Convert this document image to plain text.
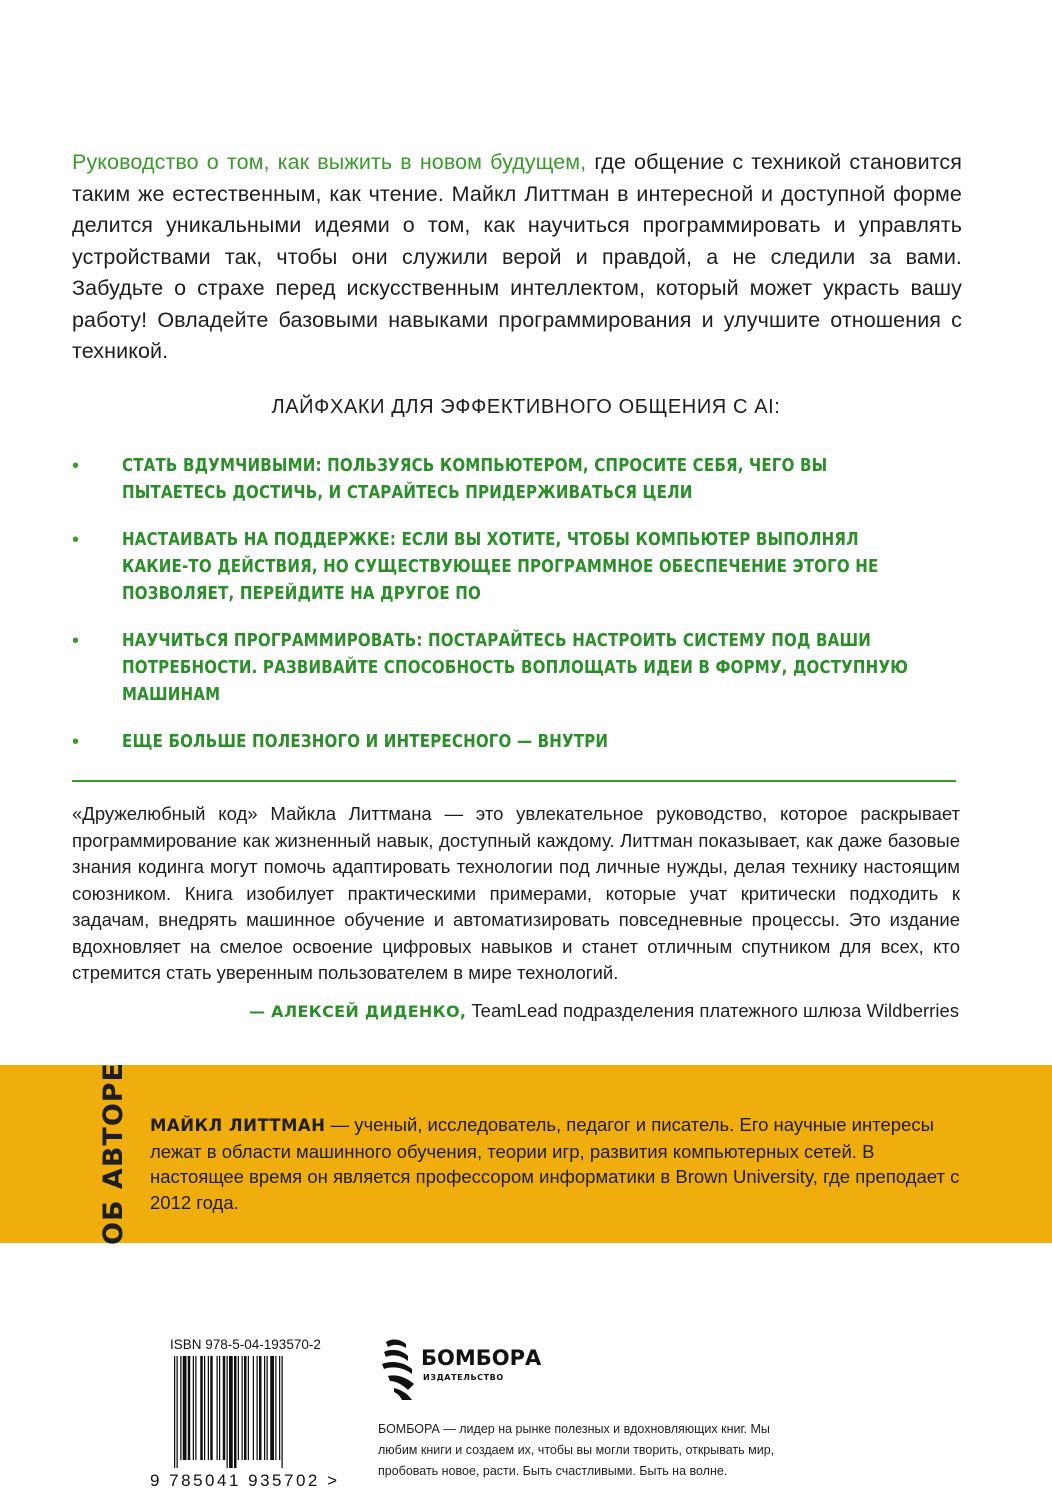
Руководство о том, как выжить в новом будущем, где общение с техникой становится таким же естественным, как чтение. Майкл Литтман в интересной и доступной форме делится уникальными идеями о том, как научиться программировать и управлять устройствами так, чтобы они служили верой и правдой, а не следили за вами. Забудьте о страхе перед искусственным интеллектом, который может украсть вашу работу! Овладейте базовыми навыками программирования и улучшите отношения с техникой.

ЛАЙФХАКИ ДЛЯ ЭФФЕКТИВНОГО ОБЩЕНИЯ С AI:
• СТАТЬ ВДУМЧИВЫМИ: ПОЛЬЗУЯСЬ КОМПЬЮТЕРОМ, СПРОСИТЕ СЕБЯ, ЧЕГО ВЫ ПЫТАЕТЕСЬ ДОСТИЧЬ, И СТАРАЙТЕСЬ ПРИДЕРЖИВАТЬСЯ ЦЕЛИ
• НАСТАИВАТЬ НА ПОДДЕРЖКЕ: ЕСЛИ ВЫ ХОТИТЕ, ЧТОБЫ КОМПЬЮТЕР ВЫПОЛНЯЛ КАКИЕ-ТО ДЕЙСТВИЯ, НО СУЩЕСТВУЮЩЕЕ ПРОГРАММНОЕ ОБЕСПЕЧЕНИЕ ЭТОГО НЕ ПОЗВОЛЯЕТ, ПЕРЕЙДИТЕ НА ДРУГОЕ ПО
• НАУЧИТЬСЯ ПРОГРАММИРОВАТЬ: ПОСТАРАЙТЕСЬ НАСТРОИТЬ СИСТЕМУ ПОД ВАШИ ПОТРЕБНОСТИ. РАЗВИВАЙТЕ СПОСОБНОСТЬ ВОПЛОЩАТЬ ИДЕИ В ФОРМУ, ДОСТУПНУЮ МАШИНАМ
• ЕЩЕ БОЛЬШЕ ПОЛЕЗНОГО И ИНТЕРЕСНОГО — ВНУТРИ

«Дружелюбный код» Майкла Литтмана — это увлекательное руководство, которое раскрывает программирование как жизненный навык, доступный каждому. Литтман показывает, как даже базовые знания кодинга могут помочь адаптировать технологии под личные нужды, делая технику настоящим союзником. Книга изобилует практическими примерами, которые учат критически подходить к задачам, внедрять машинное обучение и автоматизировать повседневные процессы. Это издание вдохновляет на смелое освоение цифровых навыков и станет отличным спутником для всех, кто стремится стать уверенным пользователем в мире технологий.

— АЛЕКСЕЙ ДИДЕНКО, TeamLead подразделения платежного шлюза Wildberries

ОБ АВТОРЕ МАЙКЛ ЛИТТМАН — ученый, исследователь, педагог и писатель. Его научные интересы лежат в области машинного обучения, теории игр, развития компьютерных сетей. В настоящее время он является профессором информатики в Brown University, где преподает с 2012 года.

ISBN 978-5-04-193570-2
9 785041 935702 >
БОМБОРА
ИЗДАТЕЛЬСТВО

БОМБОРА — лидер на рынке полезных и вдохновляющих книг. Мы любим книги и создаем их, чтобы вы могли творить, открывать мир, пробовать новое, расти. Быть счастливыми. Быть на волне.
